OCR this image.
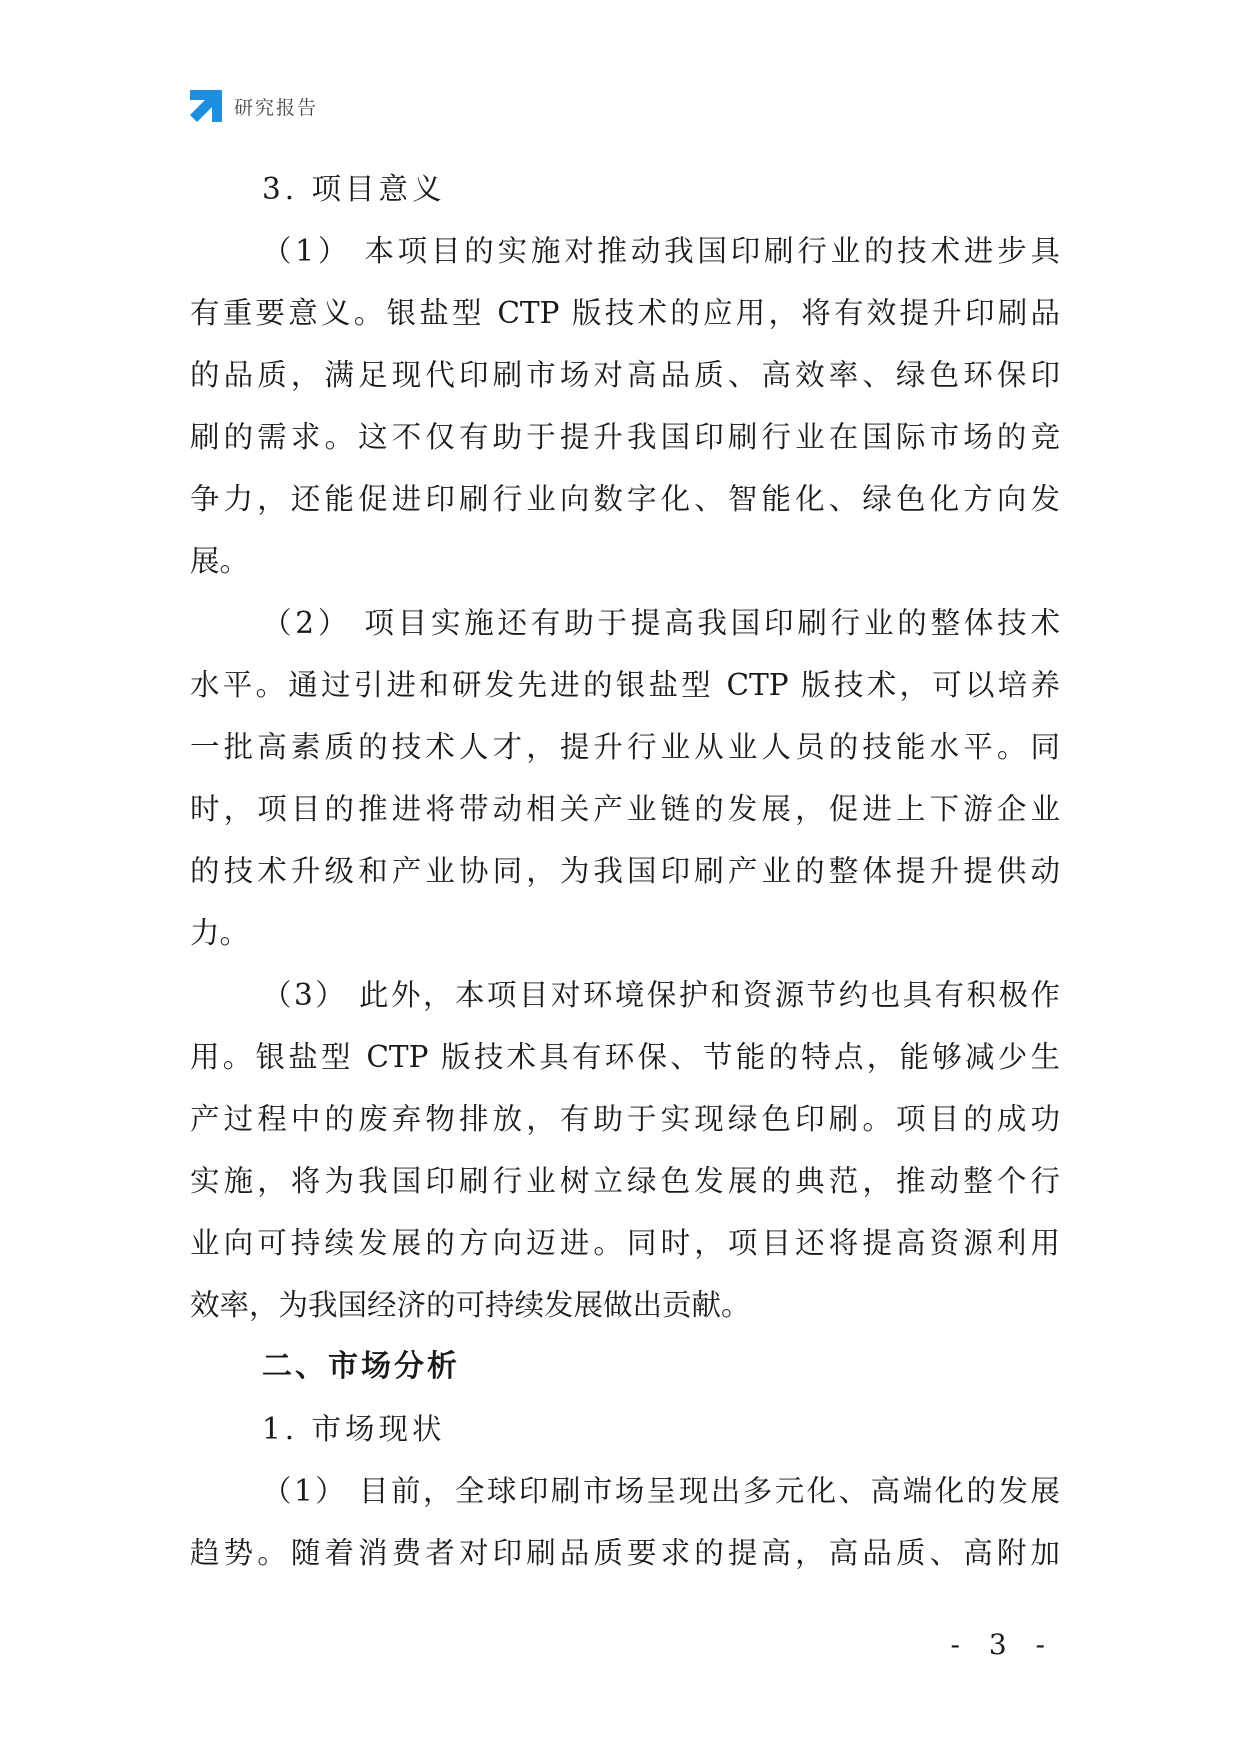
研究报告
3. 项目意义
（1） 本项目的实施对推动我国印刷行业的技术进步具
有重要意义。银盐型 CTP 版技术的应用，将有效提升印刷品
的品质，满足现代印刷市场对高品质、高效率、绿色环保印
刷的需求。这不仅有助于提升我国印刷行业在国际市场的竞
争力，还能促进印刷行业向数字化、智能化、绿色化方向发
展。
（2） 项目实施还有助于提高我国印刷行业的整体技术
水平。通过引进和研发先进的银盐型 CTP 版技术，可以培养
一批高素质的技术人才，提升行业从业人员的技能水平。同
时，项目的推进将带动相关产业链的发展，促进上下游企业
的技术升级和产业协同，为我国印刷产业的整体提升提供动
力。
（3） 此外，本项目对环境保护和资源节约也具有积极作
用。银盐型 CTP 版技术具有环保、节能的特点，能够减少生
产过程中的废弃物排放，有助于实现绿色印刷。项目的成功
实施，将为我国印刷行业树立绿色发展的典范，推动整个行
业向可持续发展的方向迈进。同时，项目还将提高资源利用
效率，为我国经济的可持续发展做出贡献。
二、市场分析
1. 市场现状
（1） 目前，全球印刷市场呈现出多元化、高端化的发展
趋势。随着消费者对印刷品质要求的提高，高品质、高附加
- 3 -
